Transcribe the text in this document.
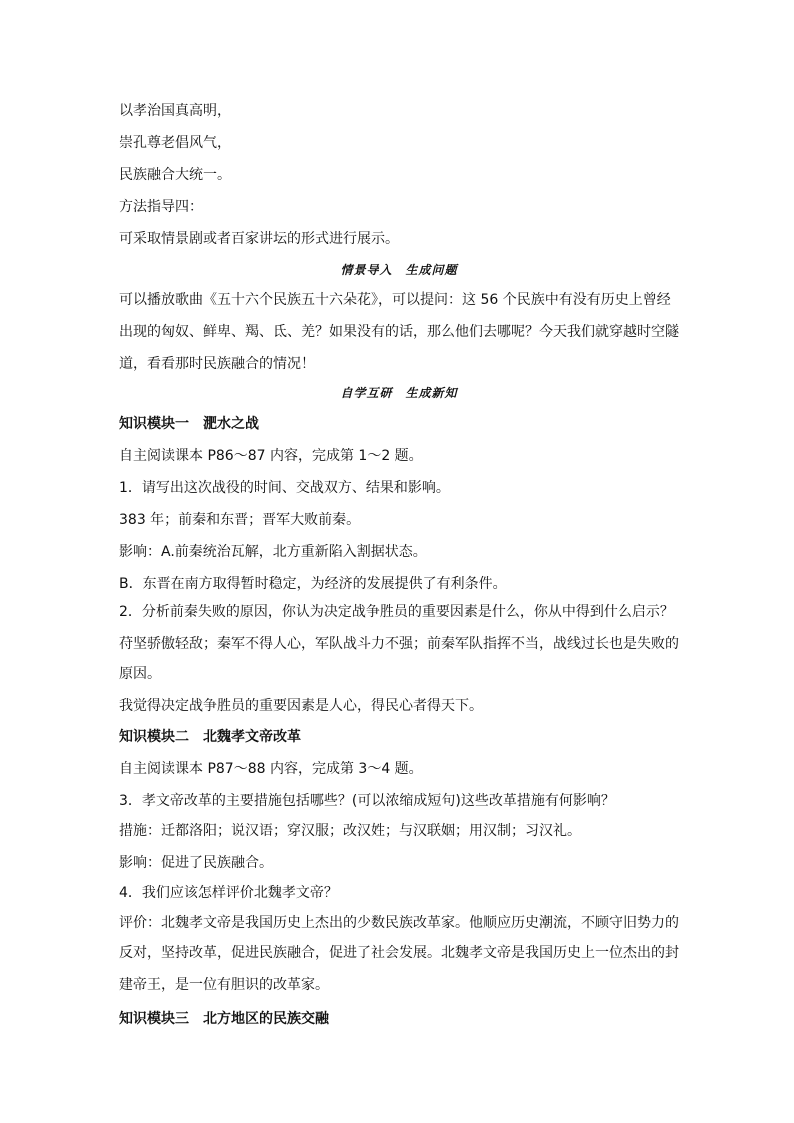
以孝治国真高明，
崇孔尊老倡风气，
民族融合大统一。
方法指导四：
可采取情景剧或者百家讲坛的形式进行展示。
情景导入　生成问题
可以播放歌曲《五十六个民族五十六朵花》，可以提问：这 56 个民族中有没有历史上曾经
出现的匈奴、鲜卑、羯、氐、羌？如果没有的话，那么他们去哪呢？今天我们就穿越时空隧
道，看看那时民族融合的情况！
自学互研　生成新知
知识模块一　淝水之战
自主阅读课本 P86～87 内容，完成第 1～2 题。
1．请写出这次战役的时间、交战双方、结果和影响。
383 年；前秦和东晋；晋军大败前秦。
影响：A.前秦统治瓦解，北方重新陷入割据状态。
B．东晋在南方取得暂时稳定，为经济的发展提供了有利条件。
2．分析前秦失败的原因，你认为决定战争胜员的重要因素是什么，你从中得到什么启示？
苻坚骄傲轻敌；秦军不得人心，军队战斗力不强；前秦军队指挥不当，战线过长也是失败的
原因。
我觉得决定战争胜员的重要因素是人心，得民心者得天下。
知识模块二　北魏孝文帝改革
自主阅读课本 P87～88 内容，完成第 3～4 题。
3．孝文帝改革的主要措施包括哪些？(可以浓缩成短句)这些改革措施有何影响？
措施：迁都洛阳；说汉语；穿汉服；改汉姓；与汉联姻；用汉制；习汉礼。
影响：促进了民族融合。
4．我们应该怎样评价北魏孝文帝？
评价：北魏孝文帝是我国历史上杰出的少数民族改革家。他顺应历史潮流，不顾守旧势力的
反对，坚持改革，促进民族融合，促进了社会发展。北魏孝文帝是我国历史上一位杰出的封
建帝王，是一位有胆识的改革家。
知识模块三　北方地区的民族交融
